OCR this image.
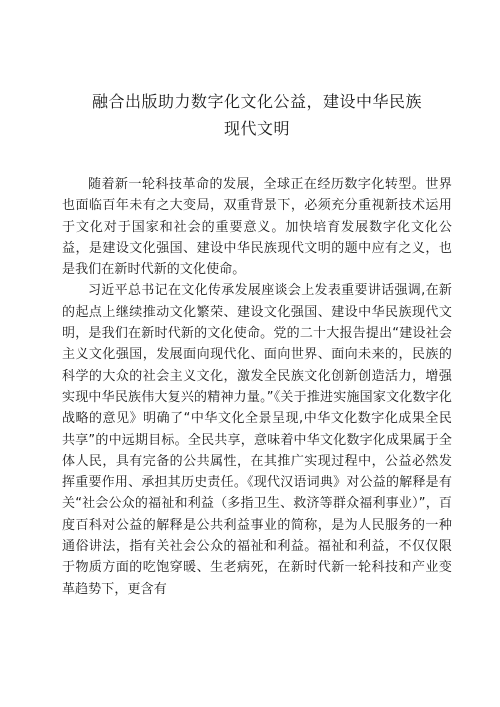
融合出版助力数字化文化公益，建设中华民族
现代文明

随着新一轮科技革命的发展，全球正在经历数字化转型。世界也面临百年未有之大变局，双重背景下，必须充分重视新技术运用于文化对于国家和社会的重要意义。加快培育发展数字化文化公益，是建设文化强国、建设中华民族现代文明的题中应有之义，也是我们在新时代新的文化使命。

习近平总书记在文化传承发展座谈会上发表重要讲话强调,在新的起点上继续推动文化繁荣、建设文化强国、建设中华民族现代文明，是我们在新时代新的文化使命。党的二十大报告提出“建设社会主义文化强国，发展面向现代化、面向世界、面向未来的，民族的科学的大众的社会主义文化，激发全民族文化创新创造活力，增强实现中华民族伟大复兴的精神力量。”《关于推进实施国家文化数字化战略的意见》明确了“中华文化全景呈现,中华文化数字化成果全民共享”的中远期目标。全民共享，意味着中华文化数字化成果属于全体人民，具有完备的公共属性，在其推广实现过程中，公益必然发挥重要作用、承担其历史责任。《现代汉语词典》对公益的解释是有关“社会公众的福祉和利益（多指卫生、救济等群众福利事业）”，百度百科对公益的解释是公共利益事业的简称，是为人民服务的一种通俗讲法，指有关社会公众的福祉和利益。福祉和利益，不仅仅限于物质方面的吃饱穿暖、生老病死，在新时代新一轮科技和产业变革趋势下，更含有
